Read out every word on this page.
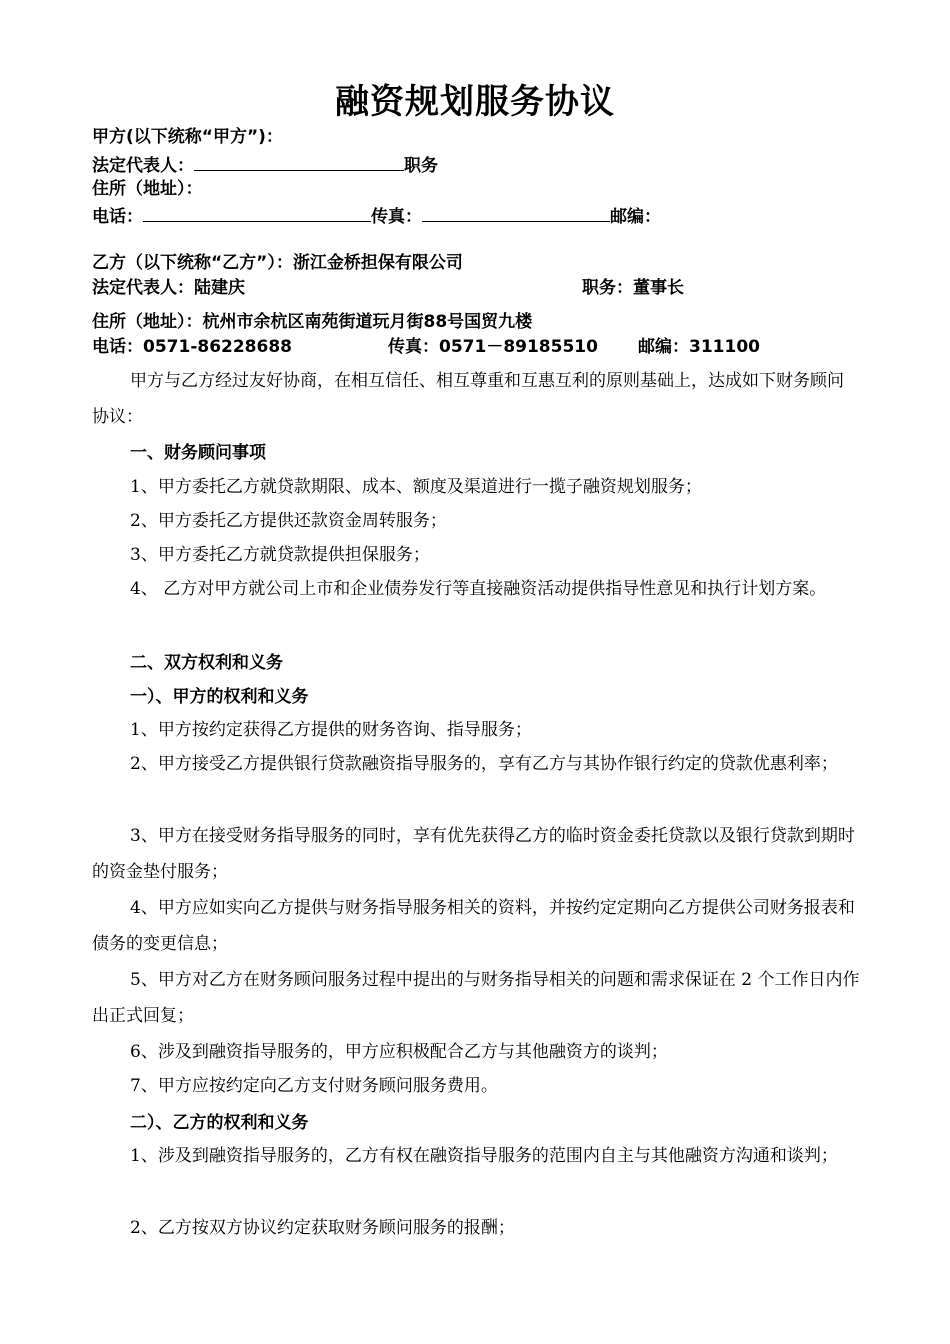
融资规划服务协议
甲方(以下统称“甲方”)：
法定代表人：	职务
住所（地址）：
电话：	传真：	邮编：
乙方（以下统称“乙方”）：浙江金桥担保有限公司
法定代表人：陆建庆	职务：董事长
住所（地址）：杭州市余杭区南苑街道玩月街88号国贸九楼
电话：0571-86228688	传真：0571－89185510 邮编：311100
甲方与乙方经过友好协商，在相互信任、相互尊重和互惠互利的原则基础上，达成如下财务顾问协议：
一、财务顾问事项
1、甲方委托乙方就贷款期限、成本、额度及渠道进行一揽子融资规划服务；
2、甲方委托乙方提供还款资金周转服务；
3、甲方委托乙方就贷款提供担保服务；
4、 乙方对甲方就公司上市和企业债券发行等直接融资活动提供指导性意见和执行计划方案。
二、双方权利和义务
一）、甲方的权利和义务
1、甲方按约定获得乙方提供的财务咨询、指导服务；
2、甲方接受乙方提供银行贷款融资指导服务的，享有乙方与其协作银行约定的贷款优惠利率；
3、甲方在接受财务指导服务的同时，享有优先获得乙方的临时资金委托贷款以及银行贷款到期时的资金垫付服务；
4、甲方应如实向乙方提供与财务指导服务相关的资料，并按约定定期向乙方提供公司财务报表和债务的变更信息；
5、甲方对乙方在财务顾问服务过程中提出的与财务指导相关的问题和需求保证在 2 个工作日内作出正式回复；
6、涉及到融资指导服务的，甲方应积极配合乙方与其他融资方的谈判；
7、甲方应按约定向乙方支付财务顾问服务费用。
二）、乙方的权利和义务
1、涉及到融资指导服务的，乙方有权在融资指导服务的范围内自主与其他融资方沟通和谈判；
2、乙方按双方协议约定获取财务顾问服务的报酬；
